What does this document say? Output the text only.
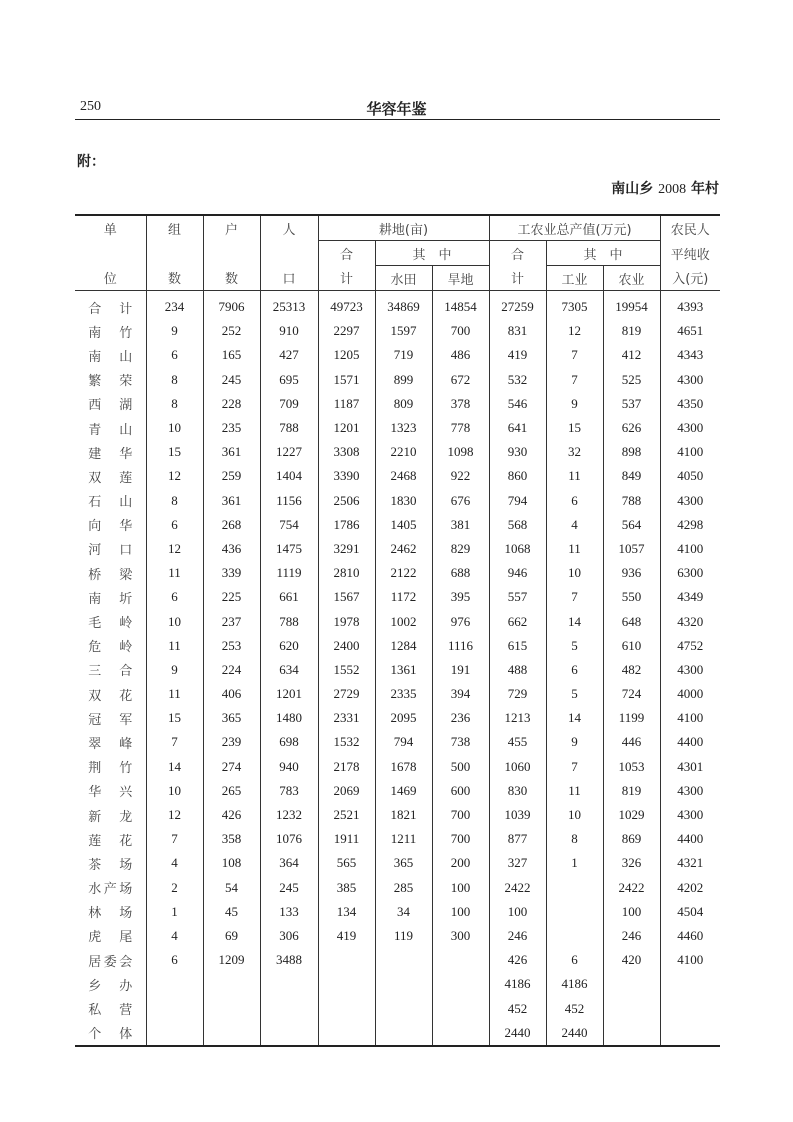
250	华容年鉴
附：
南山乡 2008 年村
单	组	户	人	耕地(亩)			工农业总产值(万元)			农民人
				合	其　中		合	其　中		平纯收
位	数	数	口	计	水田	旱地	计	工业	农业	入(元)
合计	234	7906	25313	49723	34869	14854	27259	7305	19954	4393
南竹	9	252	910	2297	1597	700	831	12	819	4651
南山	6	165	427	1205	719	486	419	7	412	4343
繁荣	8	245	695	1571	899	672	532	7	525	4300
西湖	8	228	709	1187	809	378	546	9	537	4350
青山	10	235	788	1201	1323	778	641	15	626	4300
建华	15	361	1227	3308	2210	1098	930	32	898	4100
双莲	12	259	1404	3390	2468	922	860	11	849	4050
石山	8	361	1156	2506	1830	676	794	6	788	4300
向华	6	268	754	1786	1405	381	568	4	564	4298
河口	12	436	1475	3291	2462	829	1068	11	1057	4100
桥梁	11	339	1119	2810	2122	688	946	10	936	6300
南圻	6	225	661	1567	1172	395	557	7	550	4349
毛岭	10	237	788	1978	1002	976	662	14	648	4320
危岭	11	253	620	2400	1284	1116	615	5	610	4752
三合	9	224	634	1552	1361	191	488	6	482	4300
双花	11	406	1201	2729	2335	394	729	5	724	4000
冠军	15	365	1480	2331	2095	236	1213	14	1199	4100
翠峰	7	239	698	1532	794	738	455	9	446	4400
荆竹	14	274	940	2178	1678	500	1060	7	1053	4301
华兴	10	265	783	2069	1469	600	830	11	819	4300
新龙	12	426	1232	2521	1821	700	1039	10	1029	4300
莲花	7	358	1076	1911	1211	700	877	8	869	4400
茶场	4	108	364	565	365	200	327	1	326	4321
水产场	2	54	245	385	285	100	2422		2422	4202
林场	1	45	133	134	34	100	100		100	4504
虎尾	4	69	306	419	119	300	246		246	4460
居委会	6	1209	3488				426	6	420	4100
乡办							4186	4186		
私营							452	452		
个体							2440	2440		
